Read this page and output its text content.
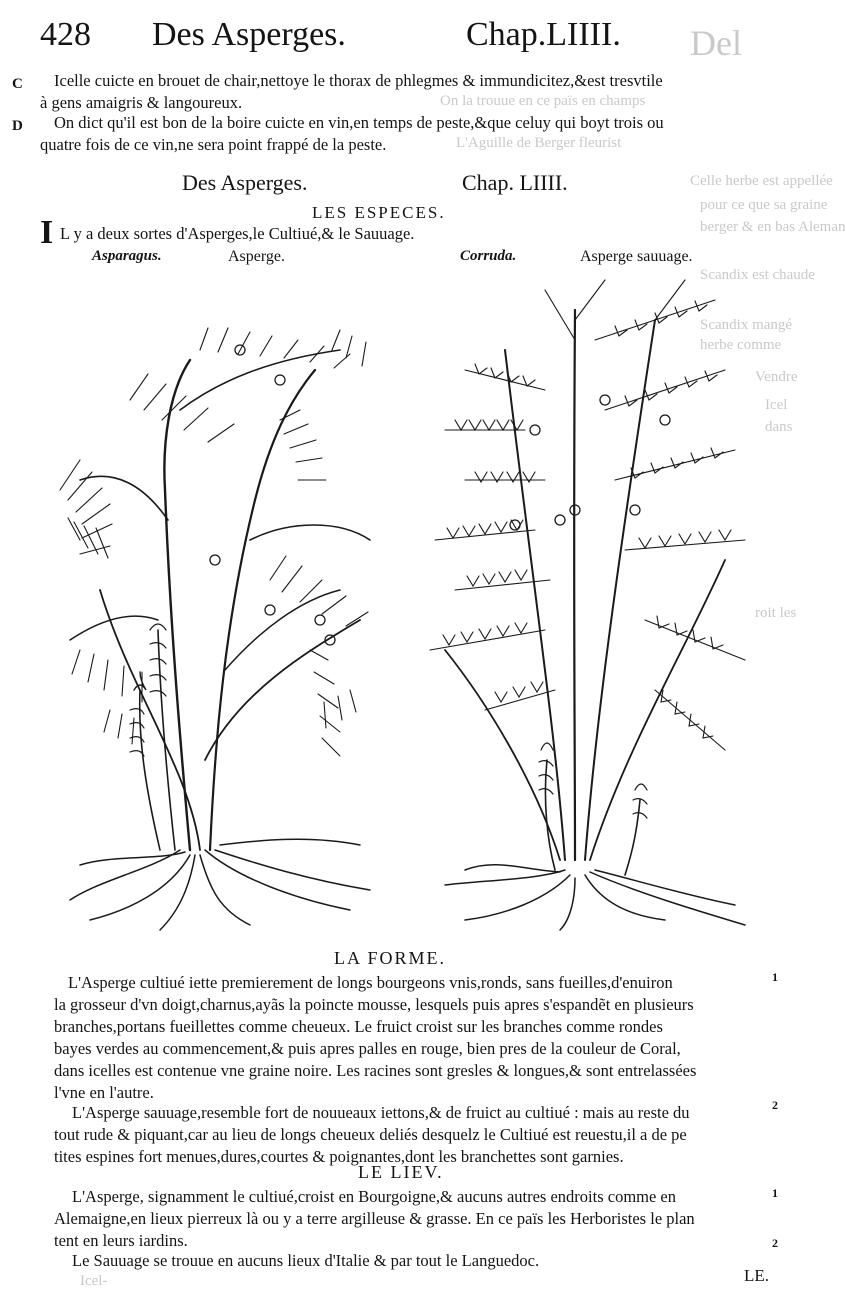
Del
On la trouue en ce païs en champs
L'Aguille de Berger fleurist
Celle herbe est appellée
pour ce que sa graine
berger & en bas Aleman
Scandix est chaude
Scandix mangé
herbe comme
roit les
Vendre
Icel
dans
428 Des Asperges.	Chap.LIIII.
C	Icelle cuicte en brouet de chair,nettoye le thorax de phlegmes & immundicitez,&est tresvtile
à gens amaigris & langoureux.
D	On dict qu'il est bon de la boire cuicte en vin,en temps de peste,&que celuy qui boyt trois ou
quatre fois de ce vin,ne sera point frappé de la peste.
Des Asperges.	Chap. LIIII.
LES ESPECES.
I L y a deux sortes d'Asperges,le Cultiué,& le Sauuage.
Asparagus.	Asperge.	Corruda.	Asperge sauuage.
LA FORME.
1
L'Asperge cultiué iette premierement de longs bourgeons vnis,ronds, sans fueilles,d'enuiron
la grosseur d'vn doigt,charnus,ayãs la poincte mousse, lesquels puis apres s'espandẽt en plusieurs
branches,portans fueillettes comme cheueux. Le fruict croist sur les branches comme rondes
bayes verdes au commencement,& puis apres palles en rouge, bien pres de la couleur de Coral,
dans icelles est contenue vne graine noire. Les racines sont gresles & longues,& sont entrelassées
l'vne en l'autre.
2
L'Asperge sauuage,resemble fort de nouueaux iettons,& de fruict au cultiué : mais au reste du
tout rude & piquant,car au lieu de longs cheueux deliés desquelz le Cultiué est reuestu,il a de pe
tites espines fort menues,dures,courtes & poignantes,dont les branchettes sont garnies.
LE LIEV.
1
L'Asperge, signamment le cultiué,croist en Bourgoigne,& aucuns autres endroits comme en
Alemaigne,en lieux pierreux là ou y a terre argilleuse & grasse. En ce païs les Herboristes le plan
tent en leurs iardins.	2
Le Sauuage se trouue en aucuns lieux d'Italie & par tout le Languedoc.
Icel-	LE.
